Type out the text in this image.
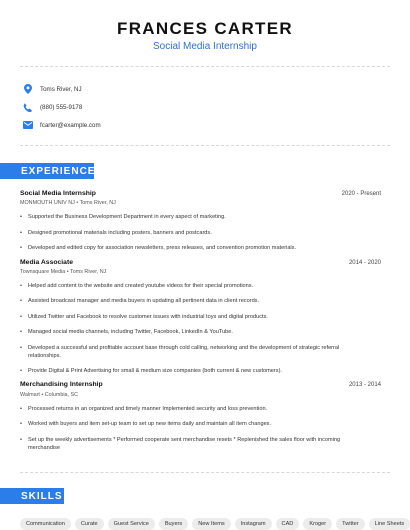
FRANCES CARTER
Social Media Internship
Toms River, NJ
(880) 555-9178
fcarter@example.com
EXPERIENCE
Social Media Internship	2020 - Present
MONMOUTH UNIV NJ • Toms River, NJ
•	Supported the Business Development Department in every aspect of marketing.
•	Designed promotional materials including posters, banners and postcards.
•	Developed and edited copy for association newsletters, press releases, and convention promotion materials.
Media Associate	2014 - 2020
Townsquare Media • Toms River, NJ
•	Helped add content to the website and created youtube videos for their special promotions.
•	Assisted broadcast manager and media buyers in updating all pertinent data in client records.
•	Utilized Twitter and Facebook to resolve customer issues with industrial toys and digital products.
•	Managed social media channels, including Twitter, Facebook, LinkedIn & YouTube.
•	Developed a successful and profitable account base through cold calling, networking and the development of strategic referral relationships.
•	Provide Digital & Print Advertising for small & medium size companies (both current & new customers).
Merchandising Internship	2013 - 2014
Walmart • Columbia, SC
•	Processed returns in an organized and timely manner Implemented security and loss prevention.
•	Worked with buyers and item set-up team to set up new items daily and maintain all item changes.
•	Set up the weekly advertisements * Performed cooperate sent merchandise resets * Replenished the sales floor with incoming merchandise
SKILLS
Communication	Curate	Guest Service	Buyers	New Items	Instagram	CAD	Kroger	Twitter	Line Sheets
